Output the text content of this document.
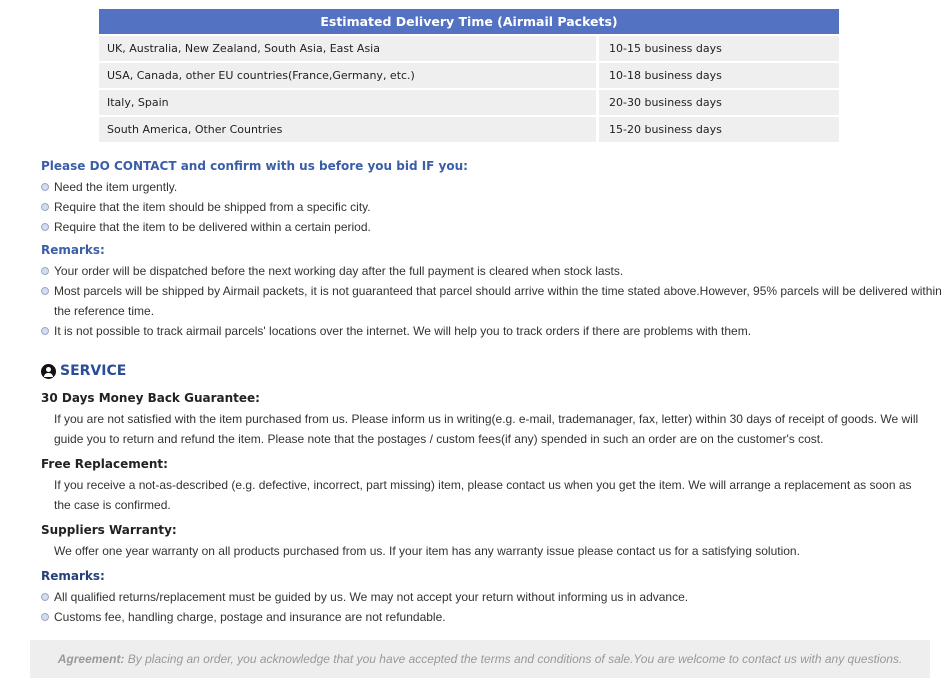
Estimated Delivery Time (Airmail Packets)
UK, Australia, New Zealand, South Asia, East Asia	10-15 business days
USA, Canada, other EU countries(France,Germany, etc.)	10-18 business days
Italy, Spain	20-30 business days
South America, Other Countries	15-20 business days
Please DO CONTACT and confirm with us before you bid IF you:
Need the item urgently.
Require that the item should be shipped from a specific city.
Require that the item to be delivered within a certain period.
Remarks:
Your order will be dispatched before the next working day after the full payment is cleared when stock lasts.
Most parcels will be shipped by Airmail packets, it is not guaranteed that parcel should arrive within the time stated above.However, 95% parcels will be delivered within the reference time.
It is not possible to track airmail parcels' locations over the internet. We will help you to track orders if there are problems with them.
SERVICE
30 Days Money Back Guarantee:
If you are not satisfied with the item purchased from us. Please inform us in writing(e.g. e-mail, trademanager, fax, letter) within 30 days of receipt of goods. We will guide you to return and refund the item. Please note that the postages / custom fees(if any) spended in such an order are on the customer's cost.
Free Replacement:
If you receive a not-as-described (e.g. defective, incorrect, part missing) item, please contact us when you get the item. We will arrange a replacement as soon as the case is confirmed.
Suppliers Warranty:
We offer one year warranty on all products purchased from us. If your item has any warranty issue please contact us for a satisfying solution.
Remarks:
All qualified returns/replacement must be guided by us. We may not accept your return without informing us in advance.
Customs fee, handling charge, postage and insurance are not refundable.
Agreement: By placing an order, you acknowledge that you have accepted the terms and conditions of sale.You are welcome to contact us with any questions.
